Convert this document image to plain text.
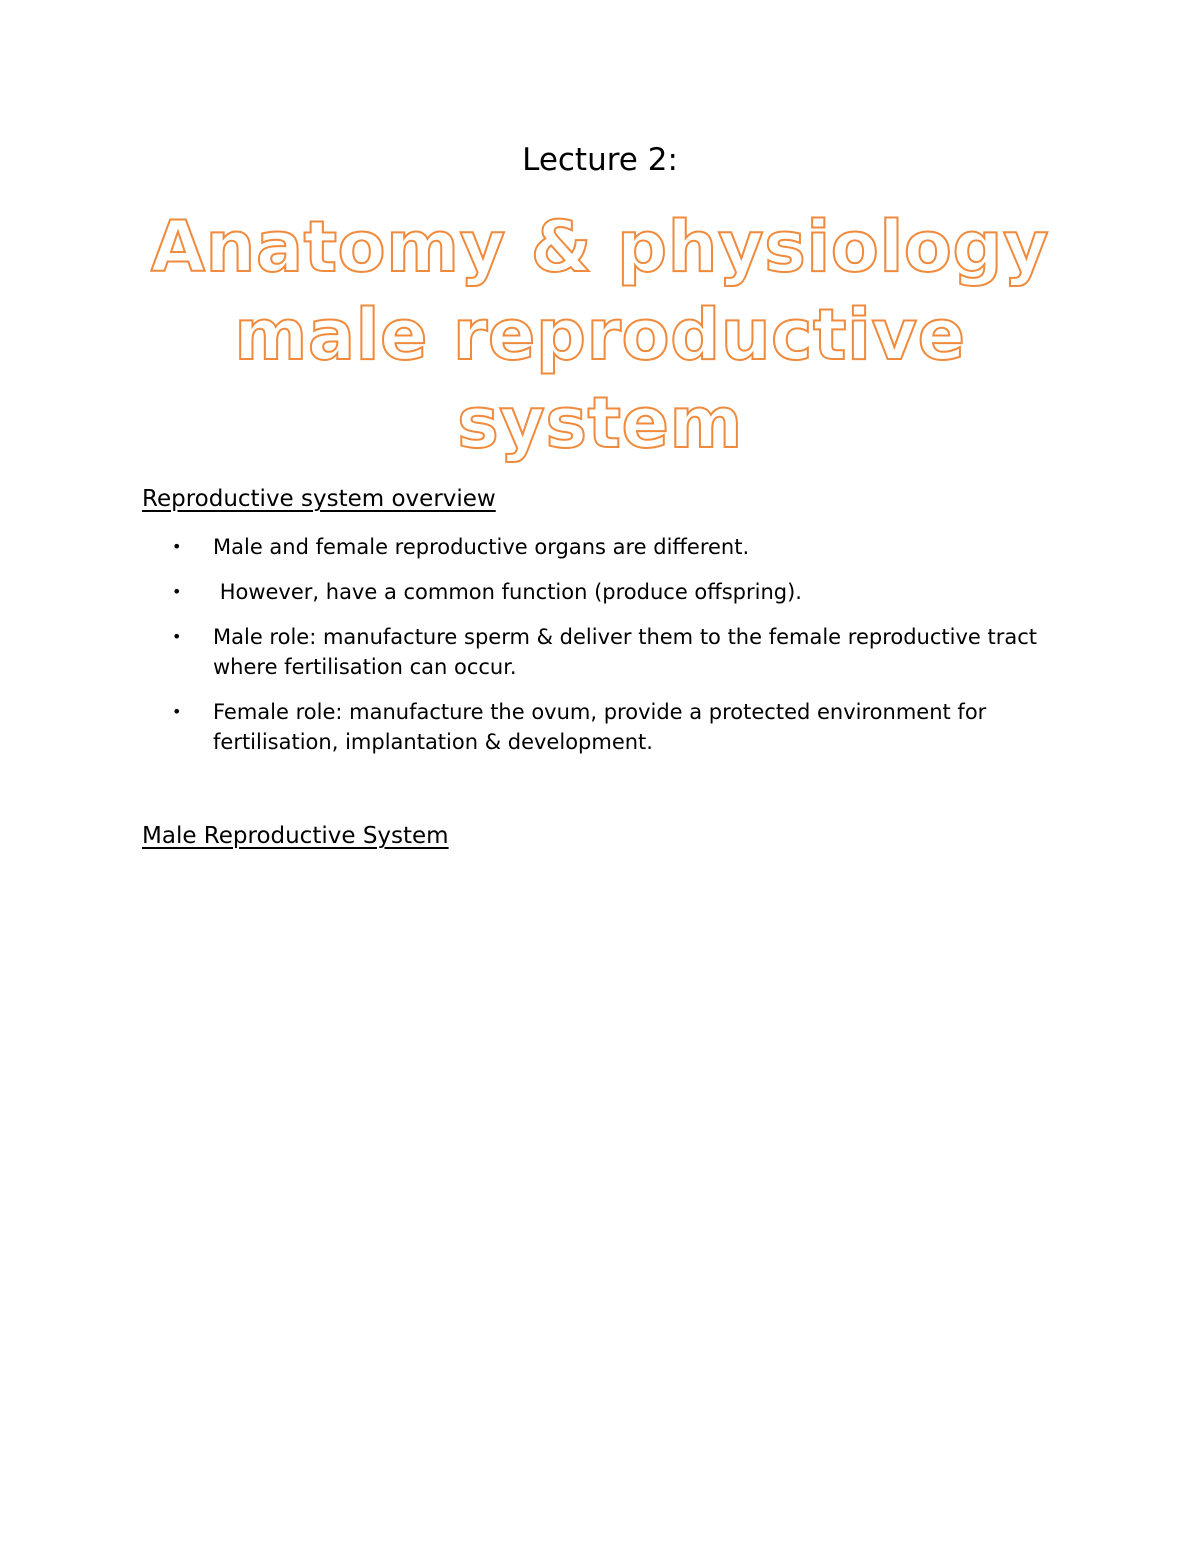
Lecture 2:
Anatomy & physiology
male reproductive
system
Reproductive system overview
•	Male and female reproductive organs are different.
•	However, have a common function (produce offspring).
•	Male role: manufacture sperm & deliver them to the female reproductive tract where fertilisation can occur.
•	Female role: manufacture the ovum, provide a protected environment for fertilisation, implantation & development.
Male Reproductive System
